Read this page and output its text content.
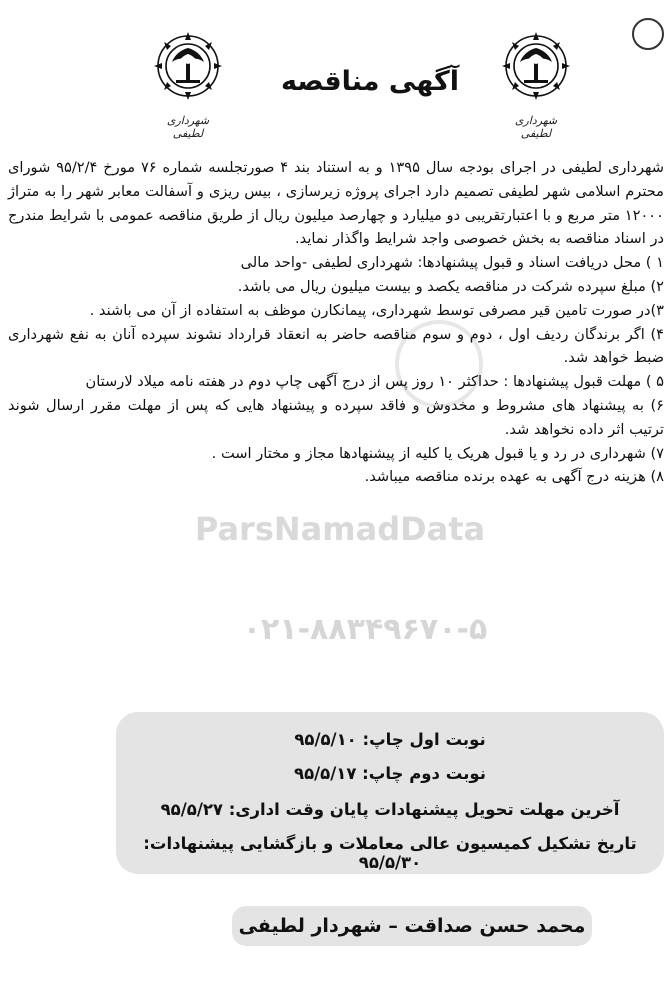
شهرداری لطیفی
شهرداری لطیفی
آگهی مناقصه

شهرداری لطیفی در اجرای بودجه سال ۱۳۹۵ و به استناد بند ۴ صورتجلسه شماره ۷۶ مورخ ۹۵/۲/۴ شورای محترم اسلامی شهر لطیفی تصمیم دارد اجرای پروژه زیرسازی ، بیس ریزی و آسفالت معابر شهر را به متراژ ۱۲۰۰۰ متر مربع و با اعتبارتقریبی دو میلیارد و چهارصد میلیون ریال از طریق مناقصه عمومی با شرایط مندرج در اسناد مناقصه به بخش خصوصی واجد شرایط واگذار نماید.

۱ ) محل دریافت اسناد و قبول پیشنهادها: شهرداری لطیفی -واحد مالی

۲) مبلغ سپرده شرکت در مناقصه یکصد و بیست میلیون ریال می باشد.

۳)در صورت تامین قیر مصرفی توسط شهرداری، پیمانکارن موظف به استفاده از آن می باشند .

۴) اگر برندگان ردیف اول ، دوم و سوم مناقصه حاضر به انعقاد قرارداد نشوند سپرده آنان به نفع شهرداری ضبط خواهد شد.

۵ ) مهلت قبول پیشنهادها : حداکثر ۱۰ روز پس از درج آگهی چاپ دوم در هفته نامه میلاد لارستان

۶) به پیشنهاد های مشروط و مخدوش و فاقد سپرده و پیشنهاد هایی که پس از مهلت مقرر ارسال شوند ترتیب اثر داده نخواهد شد.

۷) شهرداری در رد و یا قبول هریک یا کلیه از پیشنهادها مجاز و مختار است .

۸) هزینه درج آگهی به عهده برنده مناقصه میباشد.

ParsNamadData
۰۲۱-۸۸۳۴۹۶۷۰-۵
نوبت اول چاپ: ۹۵/۵/۱۰
نوبت دوم چاپ: ۹۵/۵/۱۷
آخرین مهلت تحویل پیشنهادات پایان وقت اداری: ۹۵/۵/۲۷
تاریخ تشکیل کمیسیون عالی معاملات و بازگشایی پیشنهادات: ۹۵/۵/۳۰
محمد حسن صداقت – شهردار لطیفی
